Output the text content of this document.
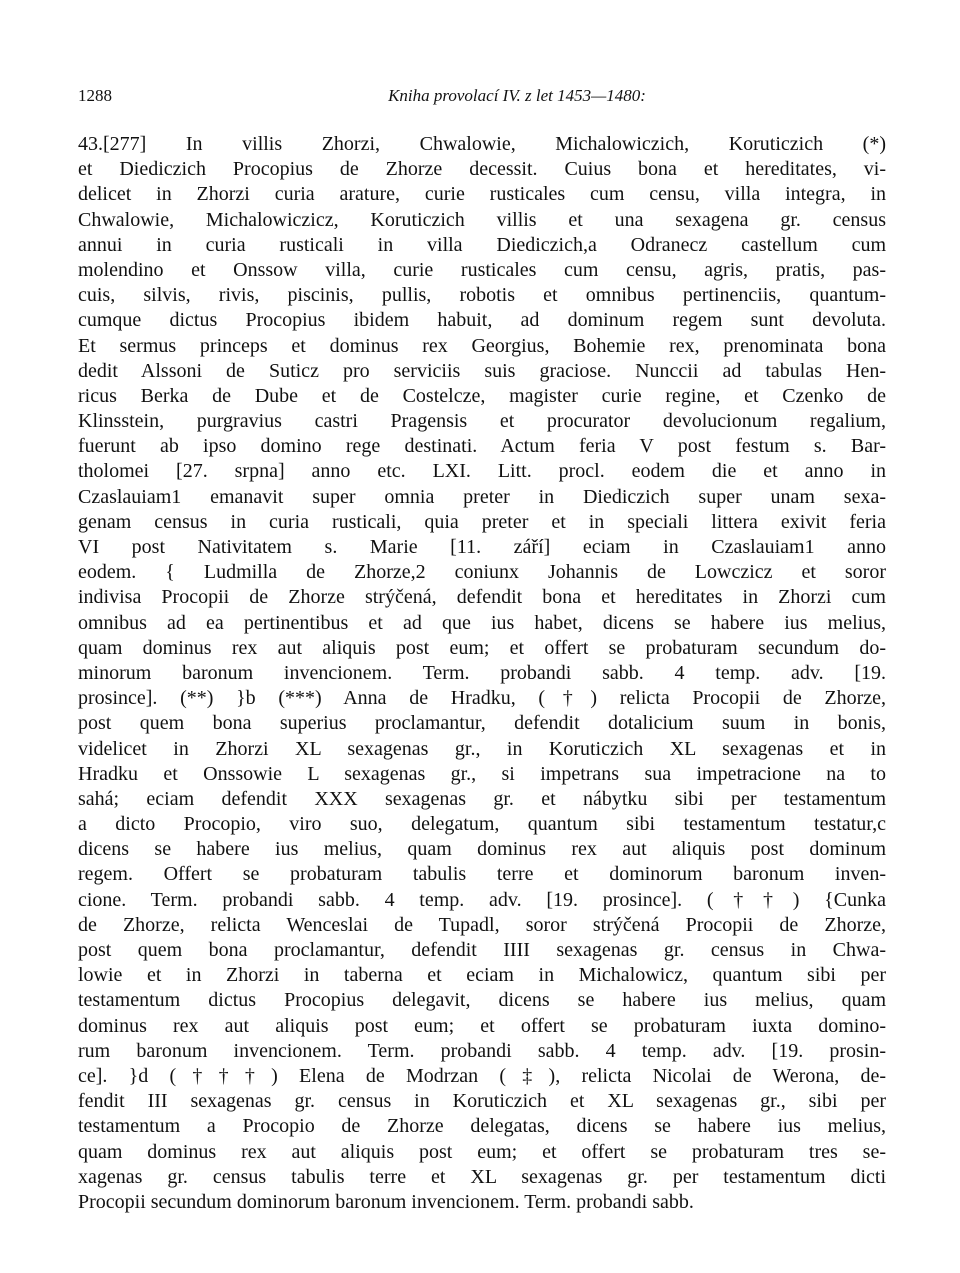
1288	Kniha provolací IV. z let 1453—1480:
43.[277] In villis Zhorzi, Chwalowie, Michalowiczich, Koruticzich (*)
et Diediczich Procopius de Zhorze decessit. Cuius bona et hereditates, vi-
delicet in Zhorzi curia arature, curie rusticales cum censu, villa integra, in
Chwalowie, Michalowiczicz, Koruticzich villis et una sexagena gr. census
annui in curia rusticali in villa Diediczich,a Odranecz castellum cum
molendino et Onssow villa, curie rusticales cum censu, agris, pratis, pas-
cuis, silvis, rivis, piscinis, pullis, robotis et omnibus pertinenciis, quantum-
cumque dictus Procopius ibidem habuit, ad dominum regem sunt devoluta.
Et sermus princeps et dominus rex Georgius, Bohemie rex, prenominata bona
dedit Alssoni de Suticz pro serviciis suis graciose. Nunccii ad tabulas Hen-
ricus Berka de Dube et de Costelcze, magister curie regine, et Czenko de
Klinsstein, purgravius castri Pragensis et procurator devolucionum regalium,
fuerunt ab ipso domino rege destinati. Actum feria V post festum s. Bar-
tholomei [27. srpna] anno etc. LXI. Litt. procl. eodem die et anno in
Czaslauiam1 emanavit super omnia preter in Diediczich super unam sexa-
genam census in curia rusticali, quia preter et in speciali littera exivit feria
VI post Nativitatem s. Marie [11. září] eciam in Czaslauiam1 anno
eodem. { Ludmilla de Zhorze,2 coniunx Johannis de Lowczicz et soror
indivisa Procopii de Zhorze strýčená, defendit bona et hereditates in Zhorzi cum
omnibus ad ea pertinentibus et ad que ius habet, dicens se habere ius melius,
quam dominus rex aut aliquis post eum; et offert se probaturam secundum do-
minorum baronum invencionem. Term. probandi sabb. 4 temp. adv. [19.
prosince]. (**) }b (***) Anna de Hradku, (†) relicta Procopii de Zhorze,
post quem bona superius proclamantur, defendit dotalicium suum in bonis,
videlicet in Zhorzi XL sexagenas gr., in Koruticzich XL sexagenas et in
Hradku et Onssowie L sexagenas gr., si impetrans sua impetracione na to
sahá; eciam defendit XXX sexagenas gr. et nábytku sibi per testamentum
a dicto Procopio, viro suo, delegatum, quantum sibi testamentum testatur,c
dicens se habere ius melius, quam dominus rex aut aliquis post dominum
regem. Offert se probaturam tabulis terre et dominorum baronum inven-
cione. Term. probandi sabb. 4 temp. adv. [19. prosince]. (††) {Cunka
de Zhorze, relicta Wenceslai de Tupadl, soror strýčená Procopii de Zhorze,
post quem bona proclamantur, defendit IIII sexagenas gr. census in Chwa-
lowie et in Zhorzi in taberna et eciam in Michalowicz, quantum sibi per
testamentum dictus Procopius delegavit, dicens se habere ius melius, quam
dominus rex aut aliquis post eum; et offert se probaturam iuxta domino-
rum baronum invencionem. Term. probandi sabb. 4 temp. adv. [19. prosin-
ce]. }d (†††) Elena de Modrzan (‡), relicta Nicolai de Werona, de-
fendit III sexagenas gr. census in Koruticzich et XL sexagenas gr., sibi per
testamentum a Procopio de Zhorze delegatas, dicens se habere ius melius,
quam dominus rex aut aliquis post eum; et offert se probaturam tres se-
xagenas gr. census tabulis terre et XL sexagenas gr. per testamentum dicti
Procopii secundum dominorum baronum invencionem. Term. probandi sabb.
